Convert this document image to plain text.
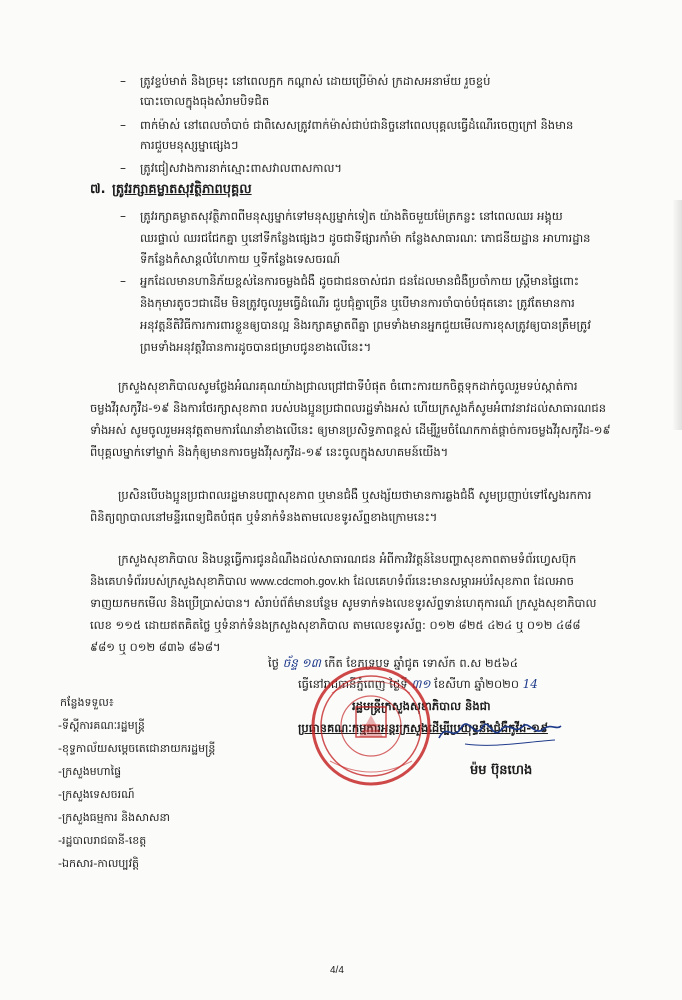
– ត្រូវខ្ទប់មាត់ និងច្រមុះ នៅពេលក្អក កណ្តាស់ ដោយប្រើម៉ាស់ ក្រដាសអនាម័យ រួចខ្ទប់
បោះចោលក្នុងធុងសំរាមបិទជិត
– ពាក់ម៉ាស់ នៅពេលចាំបាច់ ជាពិសេសត្រូវពាក់ម៉ាស់ជាប់ជានិច្ចនៅពេលបុគ្គលធ្វើដំណើរចេញក្រៅ និងមាន
ការជួបមនុស្សម្នាផ្សេងៗ
– ត្រូវជៀសវាងការនាក់ស្មោះពាសវាលពាសកាល។
៧. ត្រូវរក្សាគម្លាតសុវត្ថិភាពបុគ្គល
– ត្រូវរក្សាគម្លាតសុវត្ថិភាពពីមនុស្សម្នាក់ទៅមនុស្សម្នាក់ទៀត យ៉ាងតិចមួយម៉ែត្រកន្លះ នៅពេលឈរ អង្គុយ
ឈរផ្ទាល់ ឈរជជែកគ្នា ឬនៅទីកន្លែងផ្សេងៗ ដូចជាទីផ្សារកាំម៉ា កន្លែងសាធារណៈ ភោជនីយដ្ឋាន អាហារដ្ឋាន
ទីកន្លែងកំសាន្តលំហែកាយ ឬទីកន្លែងទេសចរណ៍
– អ្នកដែលមានហានិភ័យខ្ពស់នៃការចម្លងជំងឺ ដូចជាជនចាស់ជរា ជនដែលមានជំងឺប្រចាំកាយ ស្ត្រីមានផ្ទៃពោះ
និងកុមារតូចៗជាដើម មិនត្រូវចូលរួមធ្វើដំណើរ ជួបជុំគ្នាច្រើន ឬបើមានការចាំបាច់បំផុតនោះ ត្រូវតែមានការ
អនុវត្តនីតិវិធីការការពារខ្លួនឲ្យបានល្អ និងរក្សាគម្លាតពីគ្នា ព្រមទាំងមានអ្នកជួយមើលការខុសត្រូវឲ្យបានត្រឹមត្រូវ
ព្រមទាំងអនុវត្តវិធានការដូចបានជម្រាបជូនខាងលើនេះ។
ក្រសួងសុខាភិបាលសូមថ្លែងអំណរគុណយ៉ាងជ្រាលជ្រៅជាទីបំផុត ចំពោះការយកចិត្តទុកដាក់ចូលរួមទប់ស្កាត់ការ
ចម្លងវីរុសកូវីដ-១៩ និងការថែរក្សាសុខភាព របស់បងប្អូនប្រជាពលរដ្ឋទាំងអស់ ហើយក្រសួងក៏សូមអំពាវនាវដល់សាធារណជន
ទាំងអស់ សូមចូលរួមអនុវត្តតាមការណែនាំខាងលើនេះ ឲ្យមានប្រសិទ្ធភាពខ្ពស់ ដើម្បីរួមចំណែកកាត់ផ្តាច់ការចម្លងវីរុសកូវីដ-១៩
ពីបុគ្គលម្នាក់ទៅម្នាក់ និងកុំឲ្យមានការចម្លងវីរុសកូវីដ-១៩ នេះចូលក្នុងសហគមន៍យើង។
ប្រសិនបើបងប្អូនប្រជាពលរដ្ឋមានបញ្ហាសុខភាព ឬមានជំងឺ ឬសង្ស័យថាមានការឆ្លងជំងឺ សូមប្រញាប់ទៅស្វែងរកការ
ពិនិត្យព្យាបាលនៅមន្ទីរពេទ្យជិតបំផុត ឬទំនាក់ទំនងតាមលេខទូរស័ព្ទខាងក្រោមនេះ។
ក្រសួងសុខាភិបាល និងបន្តធ្វើការជូនដំណឹងដល់សាធារណជន អំពីការវិវត្តន៍នៃបញ្ហាសុខភាពតាមទំព័រហ្វេសប៊ុក
និងគេហទំព័ររបស់ក្រសួងសុខាភិបាល www.cdcmoh.gov.kh ដែលគេហទំព័រនេះមានសម្ភារអប់រំសុខភាព ដែលអាច
ទាញយកមកមើល និងប្រើប្រាស់បាន។ សំរាប់ព័ត៌មានបន្ថែម សូមទាក់ទងលេខទូរស័ព្ទទាន់ហេតុការណ៍ ក្រសួងសុខាភិបាល
លេខ ១១៥ ដោយឥតគិតថ្លៃ ឬទំនាក់ទំនងក្រសួងសុខាភិបាល តាមលេខទូរស័ព្ទ: ០១២ ៨២៥ ៤២៤ ឬ ០១២ ៤៨៨
៩៨១ ឬ ០១២ ៨៣៦ ៨៦៨។
ថ្ងៃ ច័ន្ទ ១៣ កើត ខែភទ្របទ ឆ្នាំជូត ទោស័ក ព.ស ២៥៦៤
ធ្វើនៅរាជធានីភ្នំពេញ ថ្ងៃទី ៣១ ខែសីហា ឆ្នាំ២០២០ 14
រដ្ឋមន្ត្រីក្រសួងសុខាភិបាល និងជា
ប្រធានគណៈកម្មការអន្តរក្រសួងដើម្បីប្រយុទ្ធនឹងជំងឺកូវីដ-១៩
ម៉ម ប៊ុនហេង
កន្លែងទទួល៖
-ទីស្តីការគណៈរដ្ឋមន្ត្រី
-ខុទ្ទកាល័យសម្តេចតេជោនាយករដ្ឋមន្ត្រី
-ក្រសួងមហាផ្ទៃ
-ក្រសួងទេសចរណ៍
-ក្រសួងធម្មការ និងសាសនា
-រដ្ឋបាលរាជធានី-ខេត្ត
-ឯកសារ-កាលប្បវត្តិ
4/4
